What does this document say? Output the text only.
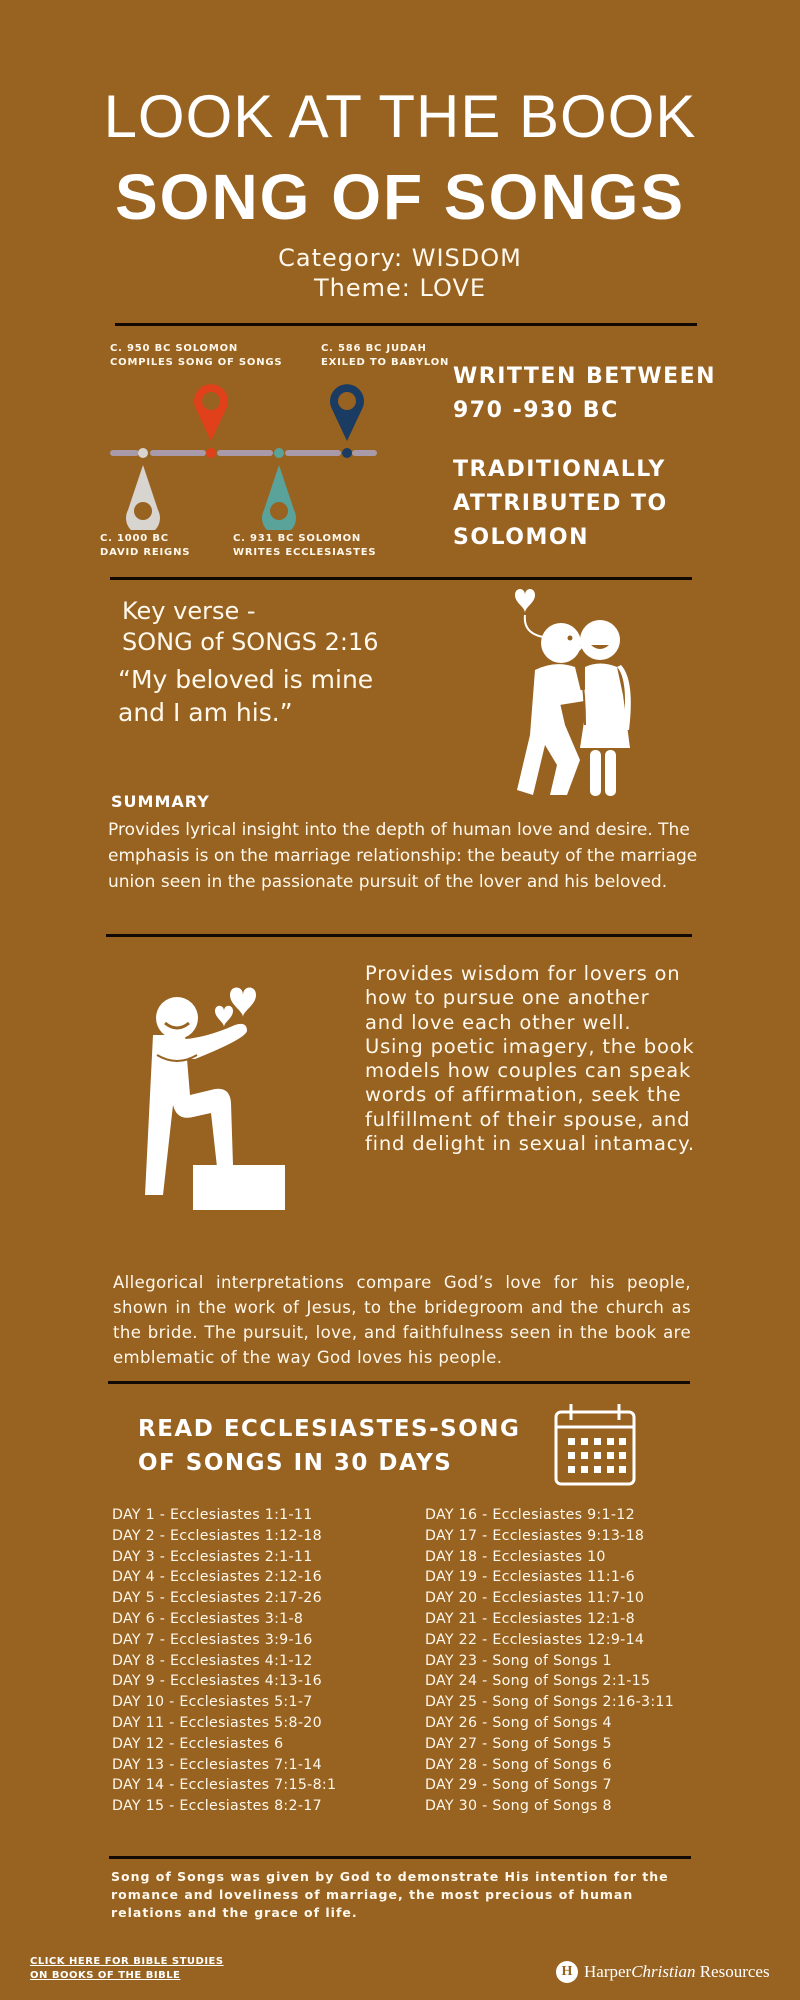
LOOK AT THE BOOK
SONG OF SONGS
Category: WISDOM
Theme: LOVE
C. 950 BC SOLOMON
COMPILES SONG OF SONGS
C. 586 BC JUDAH
EXILED TO BABYLON
C. 1000 BC
DAVID REIGNS
C. 931 BC SOLOMON
WRITES ECCLESIASTES
WRITTEN BETWEEN
970 -930 BC
TRADITIONALLY
ATTRIBUTED TO
SOLOMON
Key verse -
SONG of SONGS 2:16
“My beloved is mine
and I am his.”
SUMMARY
Provides lyrical insight into the depth of human love and desire. The emphasis is on the marriage relationship: the beauty of the marriage union seen in the passionate pursuit of the lover and his beloved.
Provides wisdom for lovers on how to pursue one another and love each other well. Using poetic imagery, the book models how couples can speak words of affirmation, seek the fulfillment of their spouse, and find delight in sexual intamacy.
Allegorical interpretations compare God’s love for his people, shown in the work of Jesus, to the bridegroom and the church as the bride. The pursuit, love, and faithfulness seen in the book are emblematic of the way God loves his people.
READ ECCLESIASTES-SONG
OF SONGS IN 30 DAYS
DAY 1 - Ecclesiastes 1:1-11
DAY 2 - Ecclesiastes 1:12-18
DAY 3 - Ecclesiastes 2:1-11
DAY 4 - Ecclesiastes 2:12-16
DAY 5 - Ecclesiastes 2:17-26
DAY 6 - Ecclesiastes 3:1-8
DAY 7 - Ecclesiastes 3:9-16
DAY 8 - Ecclesiastes 4:1-12
DAY 9 - Ecclesiastes 4:13-16
DAY 10 - Ecclesiastes 5:1-7
DAY 11 - Ecclesiastes 5:8-20
DAY 12 - Ecclesiastes 6
DAY 13 - Ecclesiastes 7:1-14
DAY 14 - Ecclesiastes 7:15-8:1
DAY 15 - Ecclesiastes 8:2-17
DAY 16 - Ecclesiastes 9:1-12
DAY 17 - Ecclesiastes 9:13-18
DAY 18 - Ecclesiastes 10
DAY 19 - Ecclesiastes 11:1-6
DAY 20 - Ecclesiastes 11:7-10
DAY 21 - Ecclesiastes 12:1-8
DAY 22 - Ecclesiastes 12:9-14
DAY 23 - Song of Songs 1
DAY 24 - Song of Songs 2:1-15
DAY 25 - Song of Songs 2:16-3:11
DAY 26 - Song of Songs 4
DAY 27 - Song of Songs 5
DAY 28 - Song of Songs 6
DAY 29 - Song of Songs 7
DAY 30 - Song of Songs 8
Song of Songs was given by God to demonstrate His intention for the romance and loveliness of marriage, the most precious of human relations and the grace of life.
CLICK HERE FOR BIBLE STUDIES
ON BOOKS OF THE BIBLE	H HarperChristian Resources
